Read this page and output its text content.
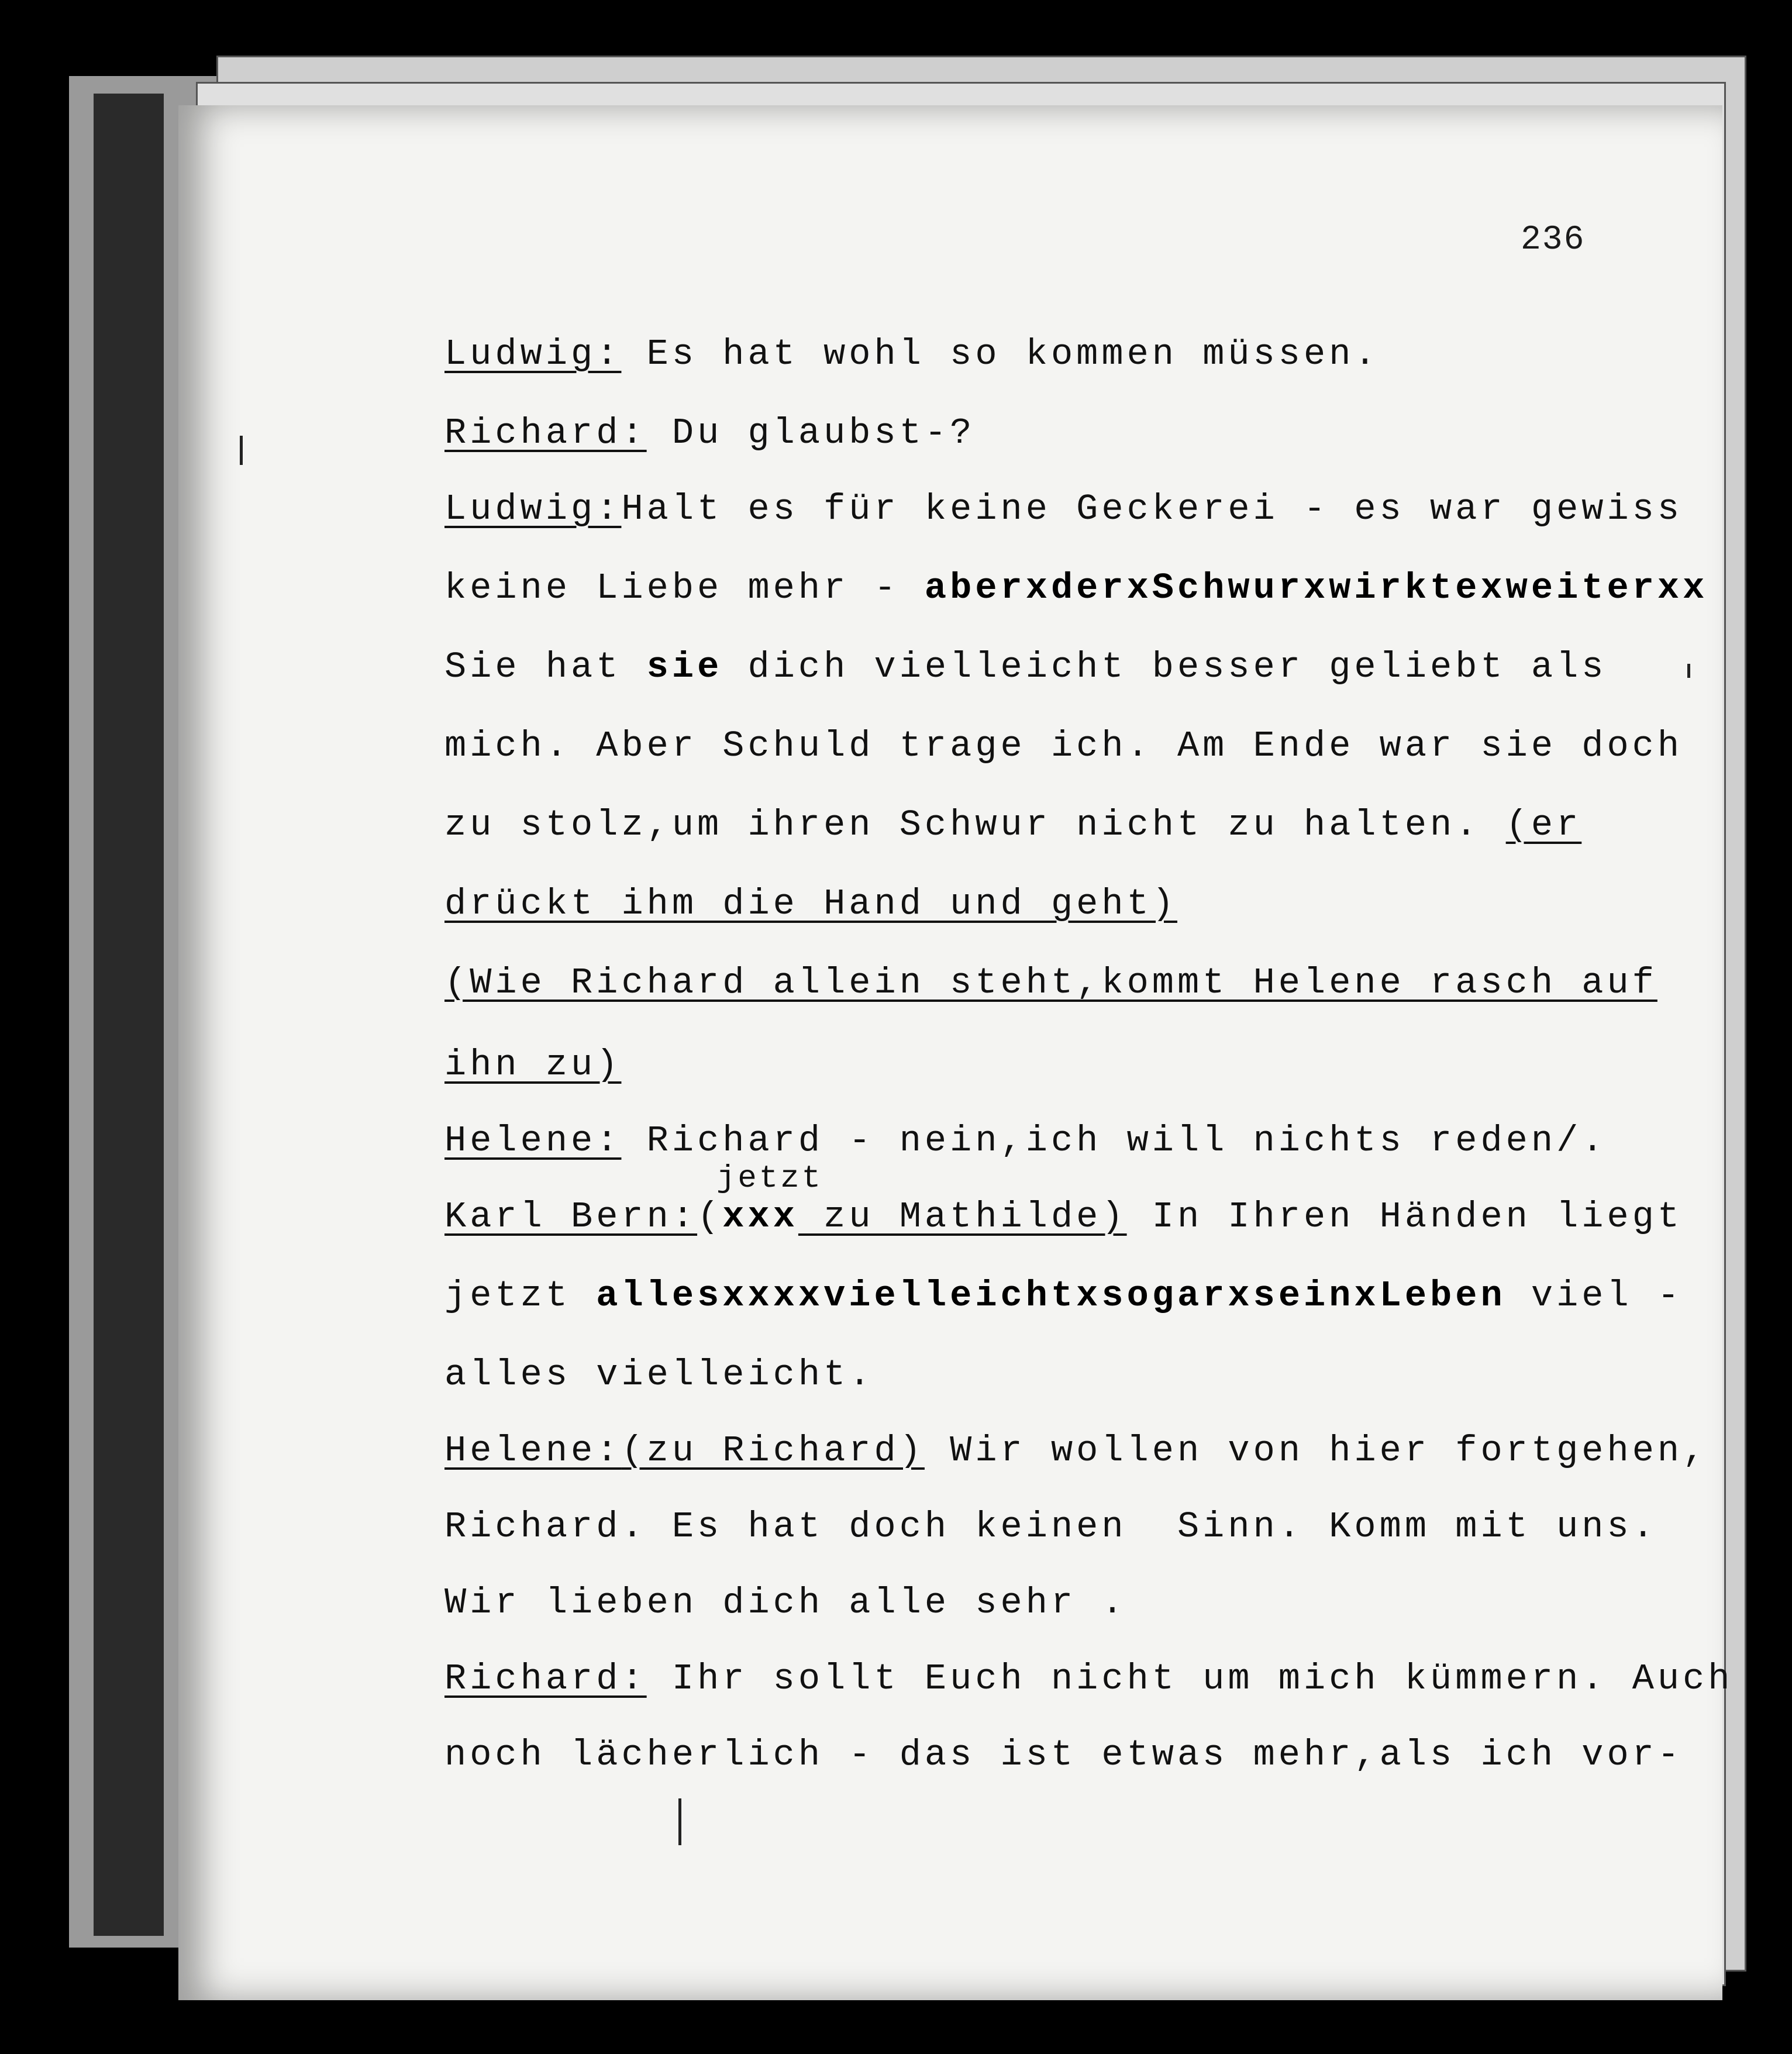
236
jetzt
Ludwig: Es hat wohl so kommen müssen.
Richard: Du glaubst-?
Ludwig:Halt es für keine Geckerei - es war gewiss
keine Liebe mehr - aberxderxSchwurxwirktexweiterxx
Sie hat sie dich vielleicht besser geliebt als
mich. Aber Schuld trage ich. Am Ende war sie doch
zu stolz,um ihren Schwur nicht zu halten. (er
drückt ihm die Hand und geht)
(Wie Richard allein steht,kommt Helene rasch auf
ihn zu)
Helene: Richard - nein,ich will nichts reden/.
Karl Bern:(xxx zu Mathilde) In Ihren Händen liegt
jetzt allesxxxxvielleichtxsogarxseinxLeben viel -
alles vielleicht.
Helene:(zu Richard) Wir wollen von hier fortgehen,
Richard. Es hat doch keinen  Sinn. Komm mit uns.
Wir lieben dich alle sehr .
Richard: Ihr sollt Euch nicht um mich kümmern. Auch
noch lächerlich - das ist etwas mehr,als ich vor-
